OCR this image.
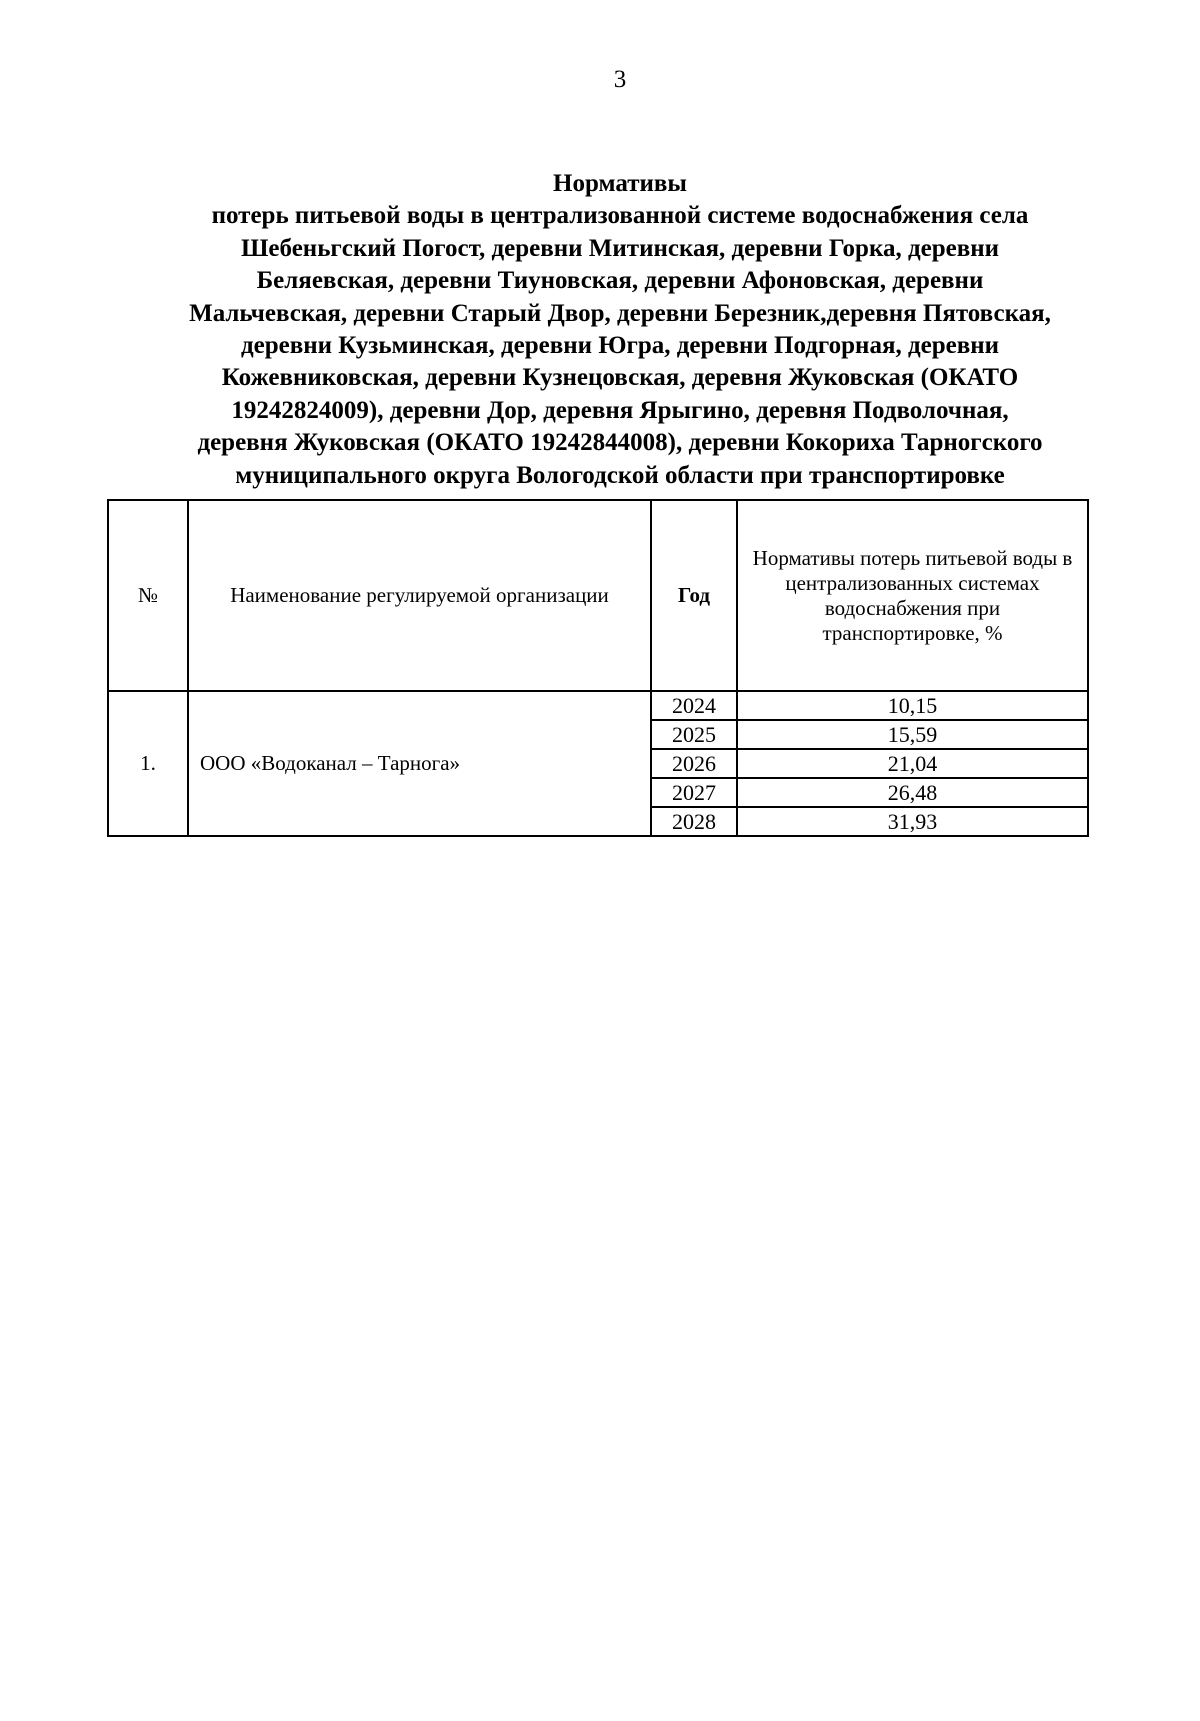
3
Нормативы
потерь питьевой воды в централизованной системе водоснабжения села
Шебеньгский Погост, деревни Митинская, деревни Горка, деревни
Беляевская, деревни Тиуновская, деревни Афоновская, деревни
Мальчевская, деревни Старый Двор, деревни Березник,деревня Пятовская,
деревни Кузьминская, деревни Югра, деревни Подгорная, деревни
Кожевниковская, деревни Кузнецовская, деревня Жуковская (ОКАТО
19242824009), деревни Дор, деревня Ярыгино, деревня Подволочная,
деревня Жуковская (ОКАТО 19242844008), деревни Кокориха Тарногского
муниципального округа Вологодской области при транспортировке
№	Наименование регулируемой организации	Год	Нормативы потерь питьевой воды в централизованных системах водоснабжения при транспортировке, %
1.	ООО «Водоканал – Тарнога»	2024	10,15
		2025	15,59
		2026	21,04
		2027	26,48
		2028	31,93
